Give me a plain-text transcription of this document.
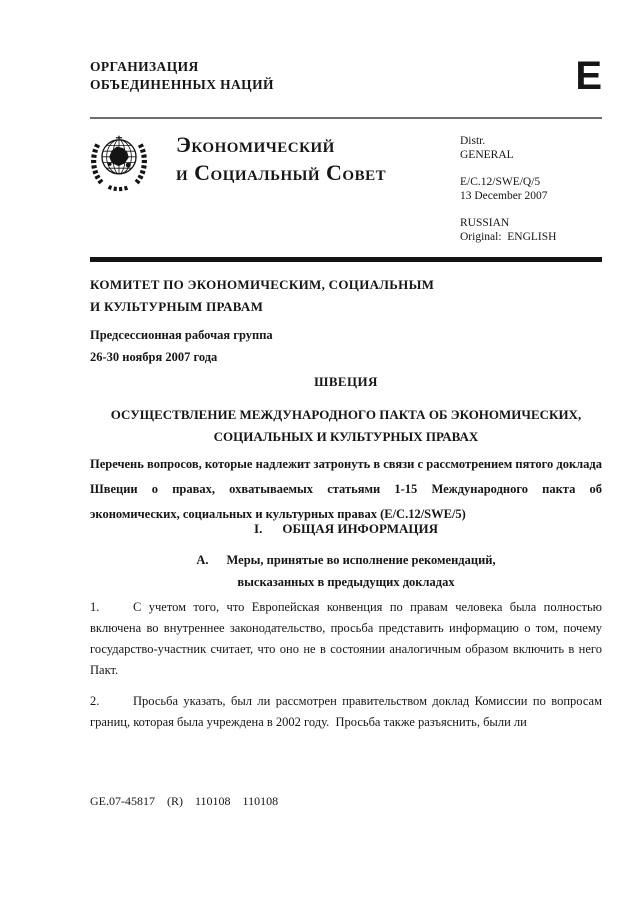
ОРГАНИЗАЦИЯ
ОБЪЕДИНЕННЫХ НАЦИЙ	E
Экономический
и Социальный Совет
Distr.
GENERAL
E/C.12/SWE/Q/5
13 December 2007
RUSSIAN
Original:  ENGLISH
КОМИТЕТ ПО ЭКОНОМИЧЕСКИМ, СОЦИАЛЬНЫМ
И КУЛЬТУРНЫМ ПРАВАМ
Предсессионная рабочая группа
26-30 ноября 2007 года
ШВЕЦИЯ
ОСУЩЕСТВЛЕНИЕ МЕЖДУНАРОДНОГО ПАКТА ОБ ЭКОНОМИЧЕСКИХ,
СОЦИАЛЬНЫХ И КУЛЬТУРНЫХ ПРАВАХ
Перечень вопросов, которые надлежит затронуть в связи с рассмотрением пятого доклада Швеции о правах, охватываемых статьями 1-15 Международного пакта об экономических, социальных и культурных правах (E/C.12/SWE/5)
I. ОБЩАЯ ИНФОРМАЦИЯ
A. Меры, принятые во исполнение рекомендаций,
высказанных в предыдущих докладах

1.	С учетом того, что Европейская конвенция по правам человека была полностью включена во внутреннее законодательство, просьба представить информацию о том, почему государство-участник считает, что оно не в состоянии аналогичным образом включить в него Пакт.

2.	Просьба указать, был ли рассмотрен правительством доклад Комиссии по вопросам границ, которая была учреждена в 2002 году.  Просьба также разъяснить, были ли

GE.07-45817    (R)    110108    110108
